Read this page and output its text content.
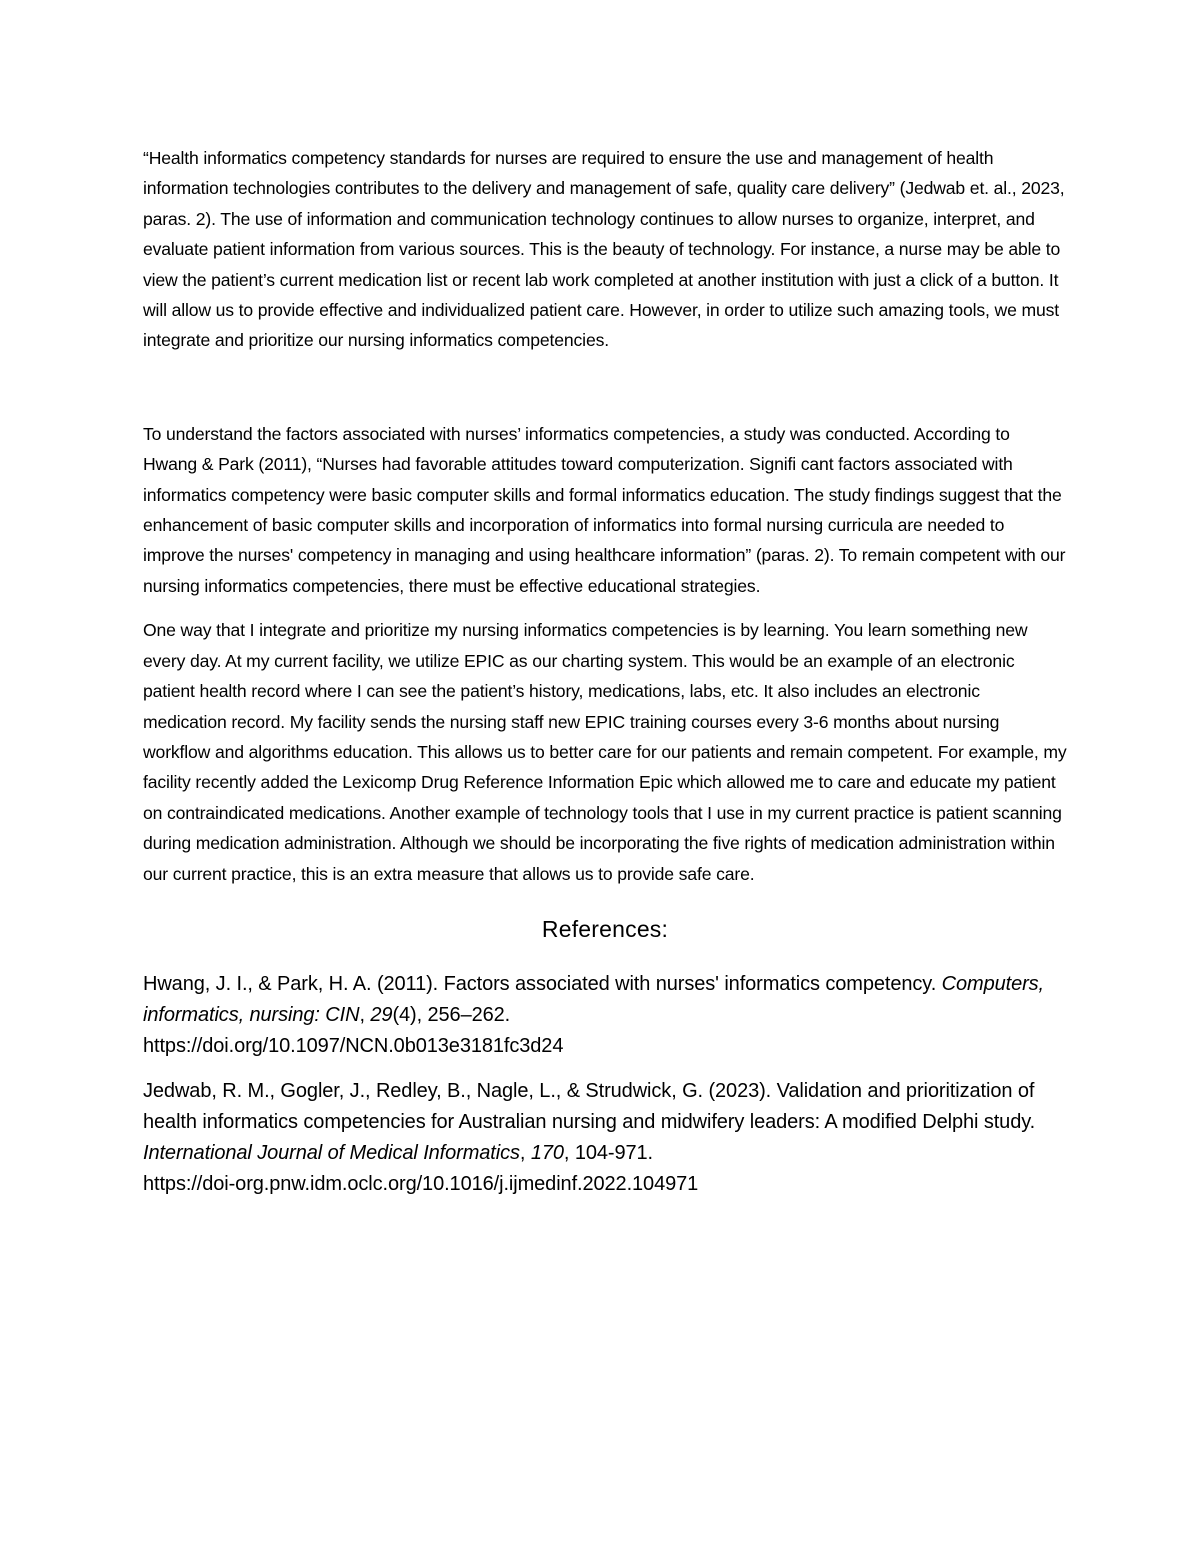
“Health informatics competency standards for nurses are required to ensure the use and management of health information technologies contributes to the delivery and management of safe, quality care delivery” (Jedwab et. al., 2023, paras. 2). The use of information and communication technology continues to allow nurses to organize, interpret, and evaluate patient information from various sources. This is the beauty of technology. For instance, a nurse may be able to view the patient’s current medication list or recent lab work completed at another institution with just a click of a button. It will allow us to provide effective and individualized patient care. However, in order to utilize such amazing tools, we must integrate and prioritize our nursing informatics competencies.

To understand the factors associated with nurses’ informatics competencies, a study was conducted. According to Hwang & Park (2011), “Nurses had favorable attitudes toward computerization. Signifi cant factors associated with informatics competency were basic computer skills and formal informatics education. The study findings suggest that the enhancement of basic computer skills and incorporation of informatics into formal nursing curricula are needed to improve the nurses' competency in managing and using healthcare information” (paras. 2). To remain competent with our nursing informatics competencies, there must be effective educational strategies.

One way that I integrate and prioritize my nursing informatics competencies is by learning. You learn something new every day. At my current facility, we utilize EPIC as our charting system. This would be an example of an electronic patient health record where I can see the patient’s history, medications, labs, etc. It also includes an electronic medication record. My facility sends the nursing staff new EPIC training courses every 3-6 months about nursing workflow and algorithms education. This allows us to better care for our patients and remain competent. For example, my facility recently added the Lexicomp Drug Reference Information Epic which allowed me to care and educate my patient on contraindicated medications. Another example of technology tools that I use in my current practice is patient scanning during medication administration. Although we should be incorporating the five rights of medication administration within our current practice, this is an extra measure that allows us to provide safe care.

References:

Hwang, J. I., & Park, H. A. (2011). Factors associated with nurses' informatics competency. Computers, informatics, nursing: CIN, 29(4), 256–262.
https://doi.org/10.1097/NCN.0b013e3181fc3d24

Jedwab, R. M., Gogler, J., Redley, B., Nagle, L., & Strudwick, G. (2023). Validation and prioritization of health informatics competencies for Australian nursing and midwifery leaders: A modified Delphi study. International Journal of Medical Informatics, 170, 104-971.
https://doi-org.pnw.idm.oclc.org/10.1016/j.ijmedinf.2022.104971
